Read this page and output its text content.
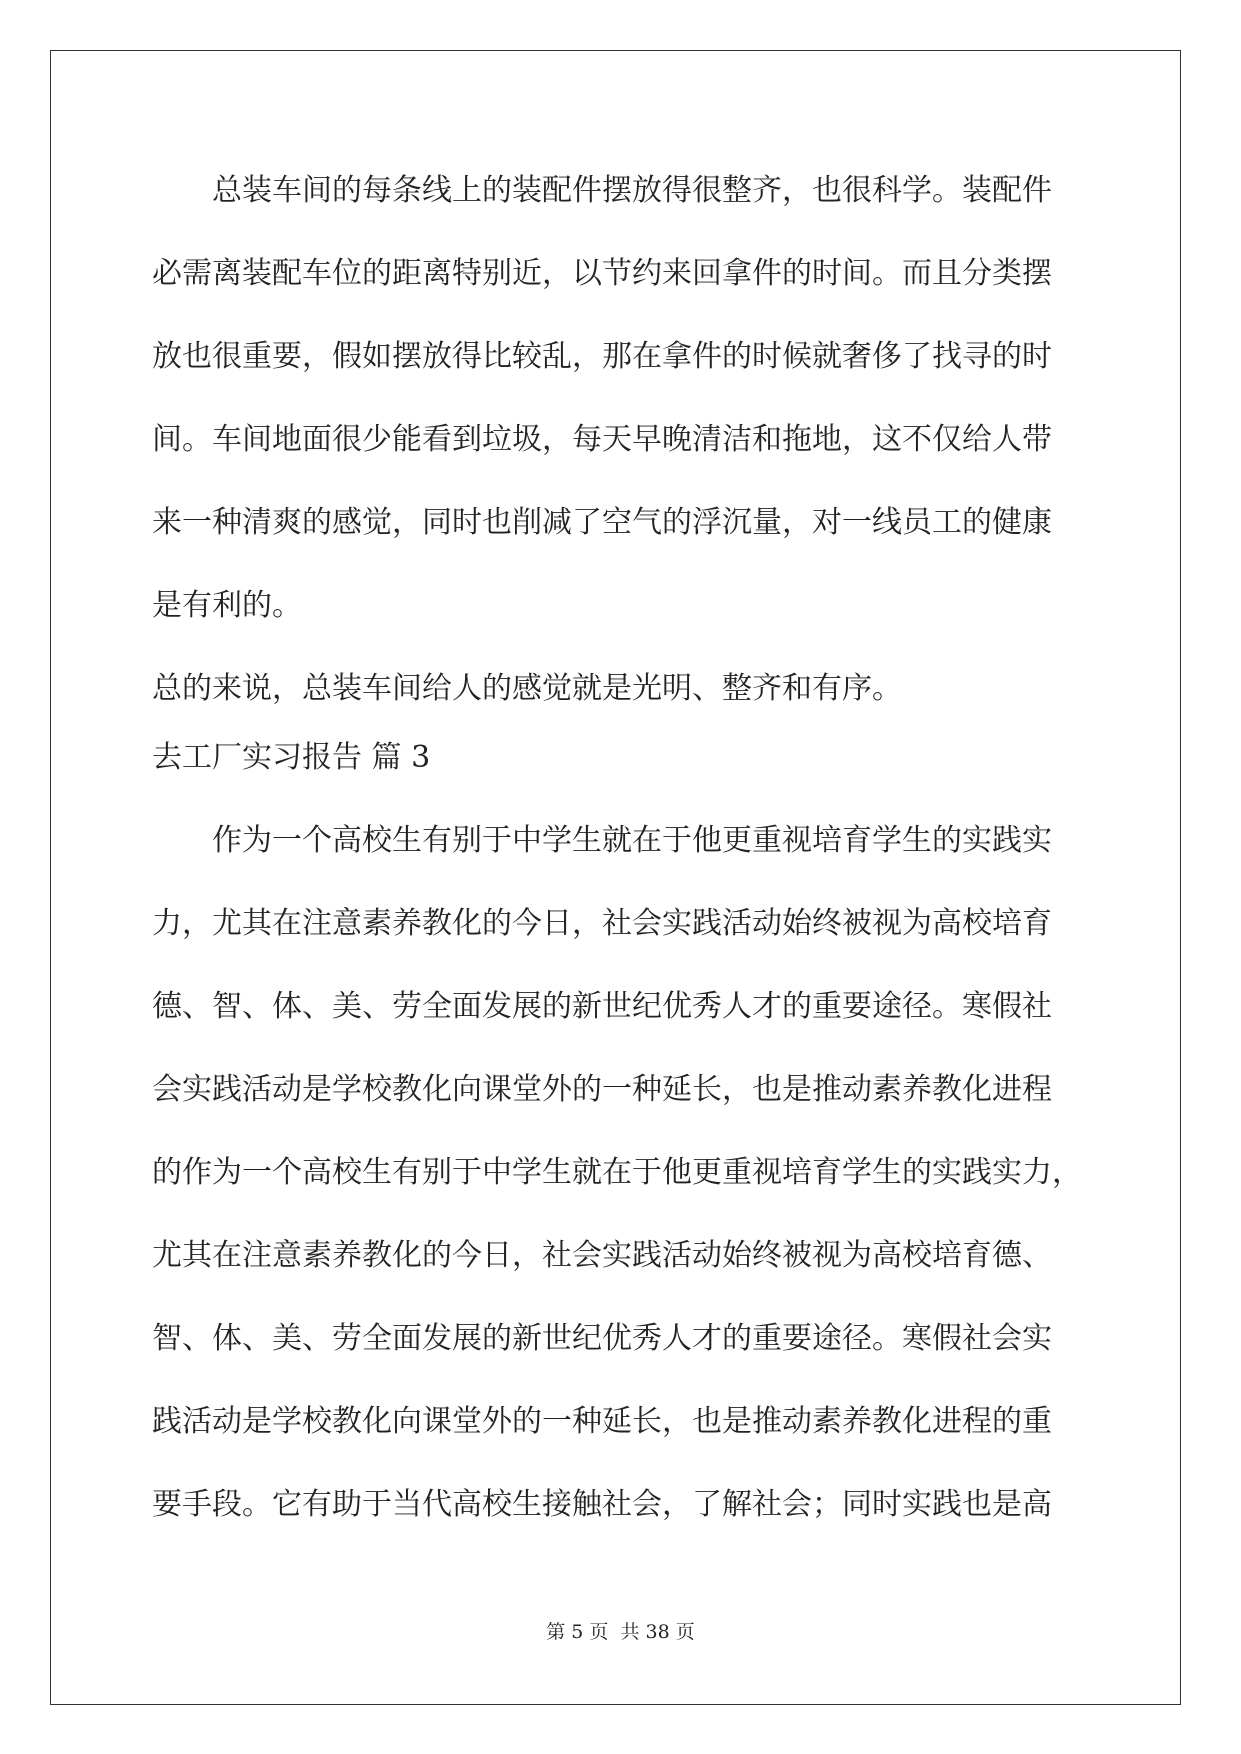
总装车间的每条线上的装配件摆放得很整齐，也很科学。装配件
必需离装配车位的距离特别近，以节约来回拿件的时间。而且分类摆
放也很重要，假如摆放得比较乱，那在拿件的时候就奢侈了找寻的时
间。车间地面很少能看到垃圾，每天早晚清洁和拖地，这不仅给人带
来一种清爽的感觉，同时也削减了空气的浮沉量，对一线员工的健康
是有利的。
总的来说，总装车间给人的感觉就是光明、整齐和有序。
去工厂实习报告 篇 3
作为一个高校生有别于中学生就在于他更重视培育学生的实践实
力，尤其在注意素养教化的今日，社会实践活动始终被视为高校培育
德、智、体、美、劳全面发展的新世纪优秀人才的重要途径。寒假社
会实践活动是学校教化向课堂外的一种延长，也是推动素养教化进程
的作为一个高校生有别于中学生就在于他更重视培育学生的实践实力，
尤其在注意素养教化的今日，社会实践活动始终被视为高校培育德、
智、体、美、劳全面发展的新世纪优秀人才的重要途径。寒假社会实
践活动是学校教化向课堂外的一种延长，也是推动素养教化进程的重
要手段。它有助于当代高校生接触社会，了解社会；同时实践也是高
第 5 页 共 38 页
